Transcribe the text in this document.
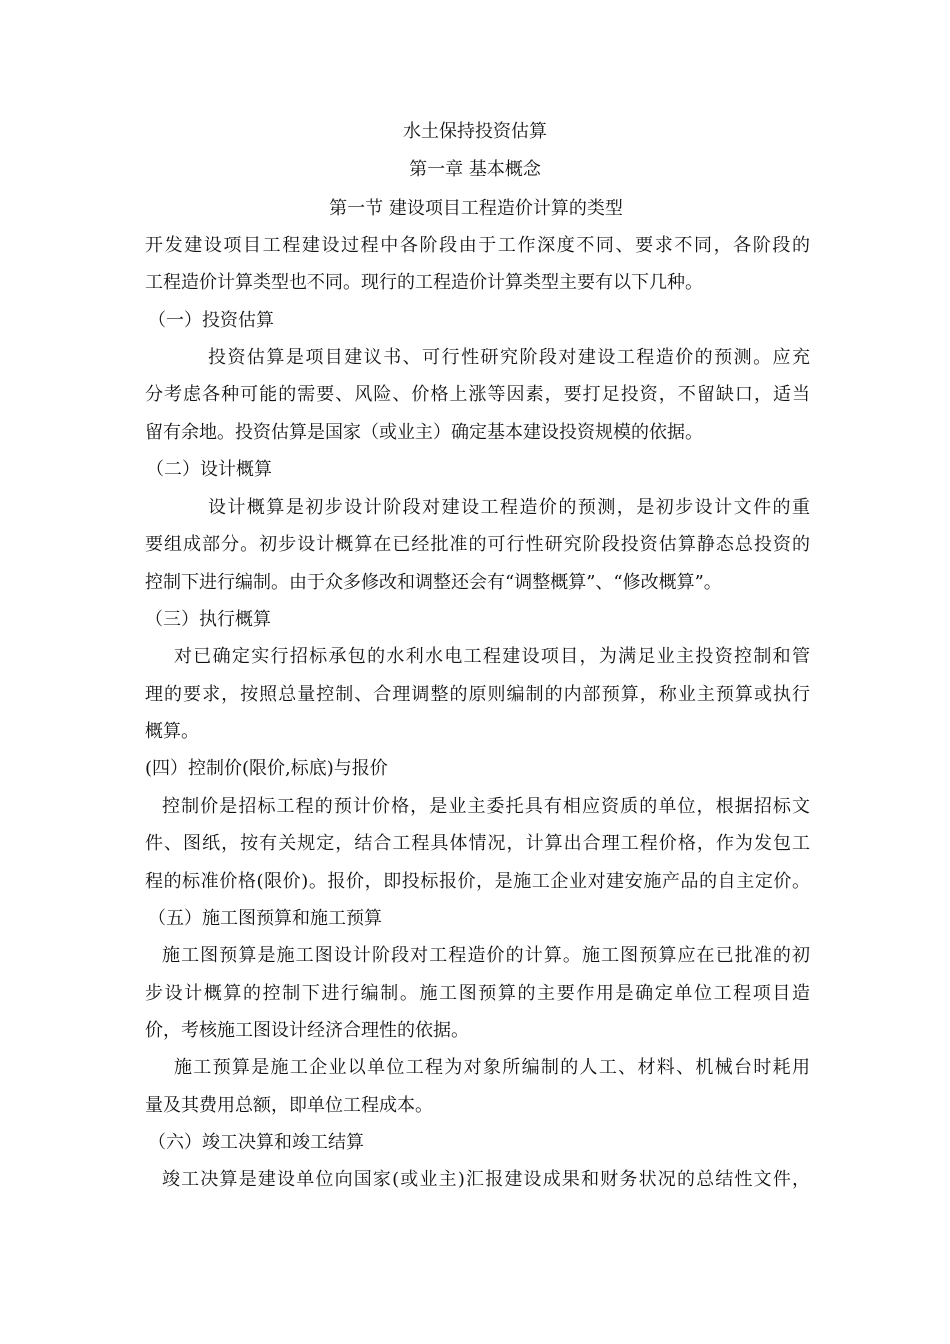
水土保持投资估算
第一章 基本概念
第一节 建设项目工程造价计算的类型
开发建设项目工程建设过程中各阶段由于工作深度不同、要求不同，各阶段的
工程造价计算类型也不同。现行的工程造价计算类型主要有以下几种。
（一）投资估算
投资估算是项目建议书、可行性研究阶段对建设工程造价的预测。应充
分考虑各种可能的需要、风险、价格上涨等因素，要打足投资，不留缺口，适当
留有余地。投资估算是国家（或业主）确定基本建设投资规模的依据。
（二）设计概算
设计概算是初步设计阶段对建设工程造价的预测，是初步设计文件的重
要组成部分。初步设计概算在已经批准的可行性研究阶段投资估算静态总投资的
控制下进行编制。由于众多修改和调整还会有“调整概算”、“修改概算”。
（三）执行概算
对已确定实行招标承包的水利水电工程建设项目，为满足业主投资控制和管
理的要求，按照总量控制、合理调整的原则编制的内部预算，称业主预算或执行
概算。
(四）控制价(限价,标底)与报价
控制价是招标工程的预计价格，是业主委托具有相应资质的单位，根据招标文
件、图纸，按有关规定，结合工程具体情况，计算出合理工程价格，作为发包工
程的标准价格(限价)。报价，即投标报价，是施工企业对建安施产品的自主定价。
（五）施工图预算和施工预算
施工图预算是施工图设计阶段对工程造价的计算。施工图预算应在已批准的初
步设计概算的控制下进行编制。施工图预算的主要作用是确定单位工程项目造
价，考核施工图设计经济合理性的依据。
施工预算是施工企业以单位工程为对象所编制的人工、材料、机械台时耗用
量及其费用总额，即单位工程成本。
（六）竣工决算和竣工结算
竣工决算是建设单位向国家(或业主)汇报建设成果和财务状况的总结性文件，
